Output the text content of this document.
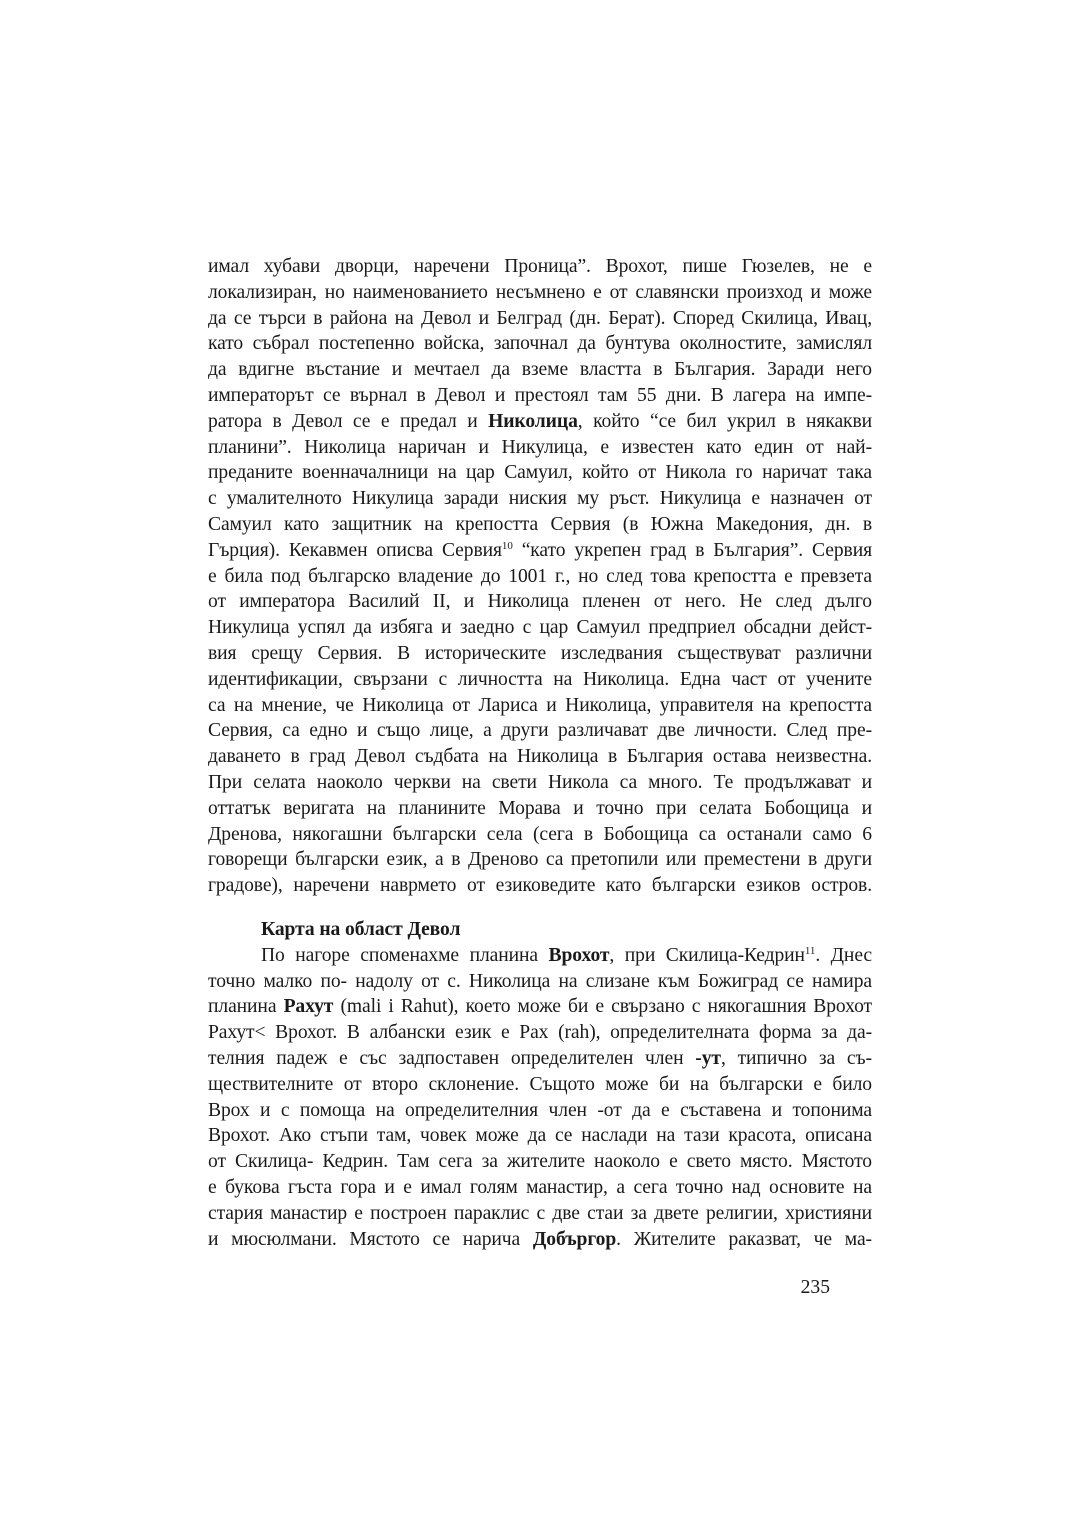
имал хубави дворци, наречени Проница”. Врохот, пише Гюзелев, не е
локализиран, но наименованието несъмнено е от славянски произход и може
да се търси в района на Девол и Белград (дн. Берат). Според Скилица, Ивац,
като събрал постепенно войска, започнал да бунтува околностите, замислял
да вдигне въстание и мечтаел да вземе властта в България. Заради него
императорът се върнал в Девол и престоял там 55 дни. В лагера на импе-
ратора в Девол се е предал и Николица, който “се бил укрил в някакви
планини”. Николица наричан и Никулица, е известен като един от най-
преданите военначалници на цар Самуил, който от Никола го наричат така
с умалителното Никулица заради ниския му ръст. Никулица е назначен от
Самуил като защитник на крепостта Сервия (в Южна Македония, дн. в
Гърция). Кекавмен описва Сервия$^{10}$ “като укрепен град в България”. Сервия
е била под българско владение до 1001 г., но след това крепостта е превзета
от императора Василий II, и Николица пленен от него. Не след дълго
Никулица успял да избяга и заедно с цар Самуил предприел обсадни дейст-
вия срещу Сервия. В историческите изследвания съществуват различни
идентификации, свързани с личността на Николица. Една част от учените
са на мнение, че Николица от Лариса и Николица, управителя на крепостта
Сервия, са едно и също лице, а други различават две личности. След пре-
даването в град Девол съдбата на Николица в България остава неизвестна.
При селата наоколо черкви на свети Никола са много. Те продължават и
оттатък веригата на планините Морава и точно при селата Бобощица и
Дренова, някогашни български села (сега в Бобощица са останали само 6
говорещи български език, а в Дреново са претопили или преместени в други
градове), наречени наврмето от езиковедите като български езиков остров.
Карта на област Девол
По нагоре споменахме планина Врохот, при Скилица-Кедрин$^{11}$. Днес
точно малко по- надолу от с. Николица на слизане към Божиград се намира
планина Рахут (mali i Rahut), което може би е свързано с някогашния Врохот
Рахут< Врохот. В албански език е Рах (rah), определителната форма за да-
телния падеж е със задпоставен определителен член -ут, типично за съ-
ществителните от второ склонение. Същото може би на български е било
Врох и с помоща на определителния член -от да е съставена и топонима
Врохот. Ако стъпи там, човек може да се наслади на тази красота, описана
от Скилица- Кедрин. Там сега за жителите наоколо е свето място. Мястото
е букова гъста гора и е имал голям манастир, а сега точно над основите на
стария манастир е построен параклис с две стаи за двете религии, християни
и мюсюлмани. Мястото се нарича Добъргор. Жителите раказват, че ма-
235
